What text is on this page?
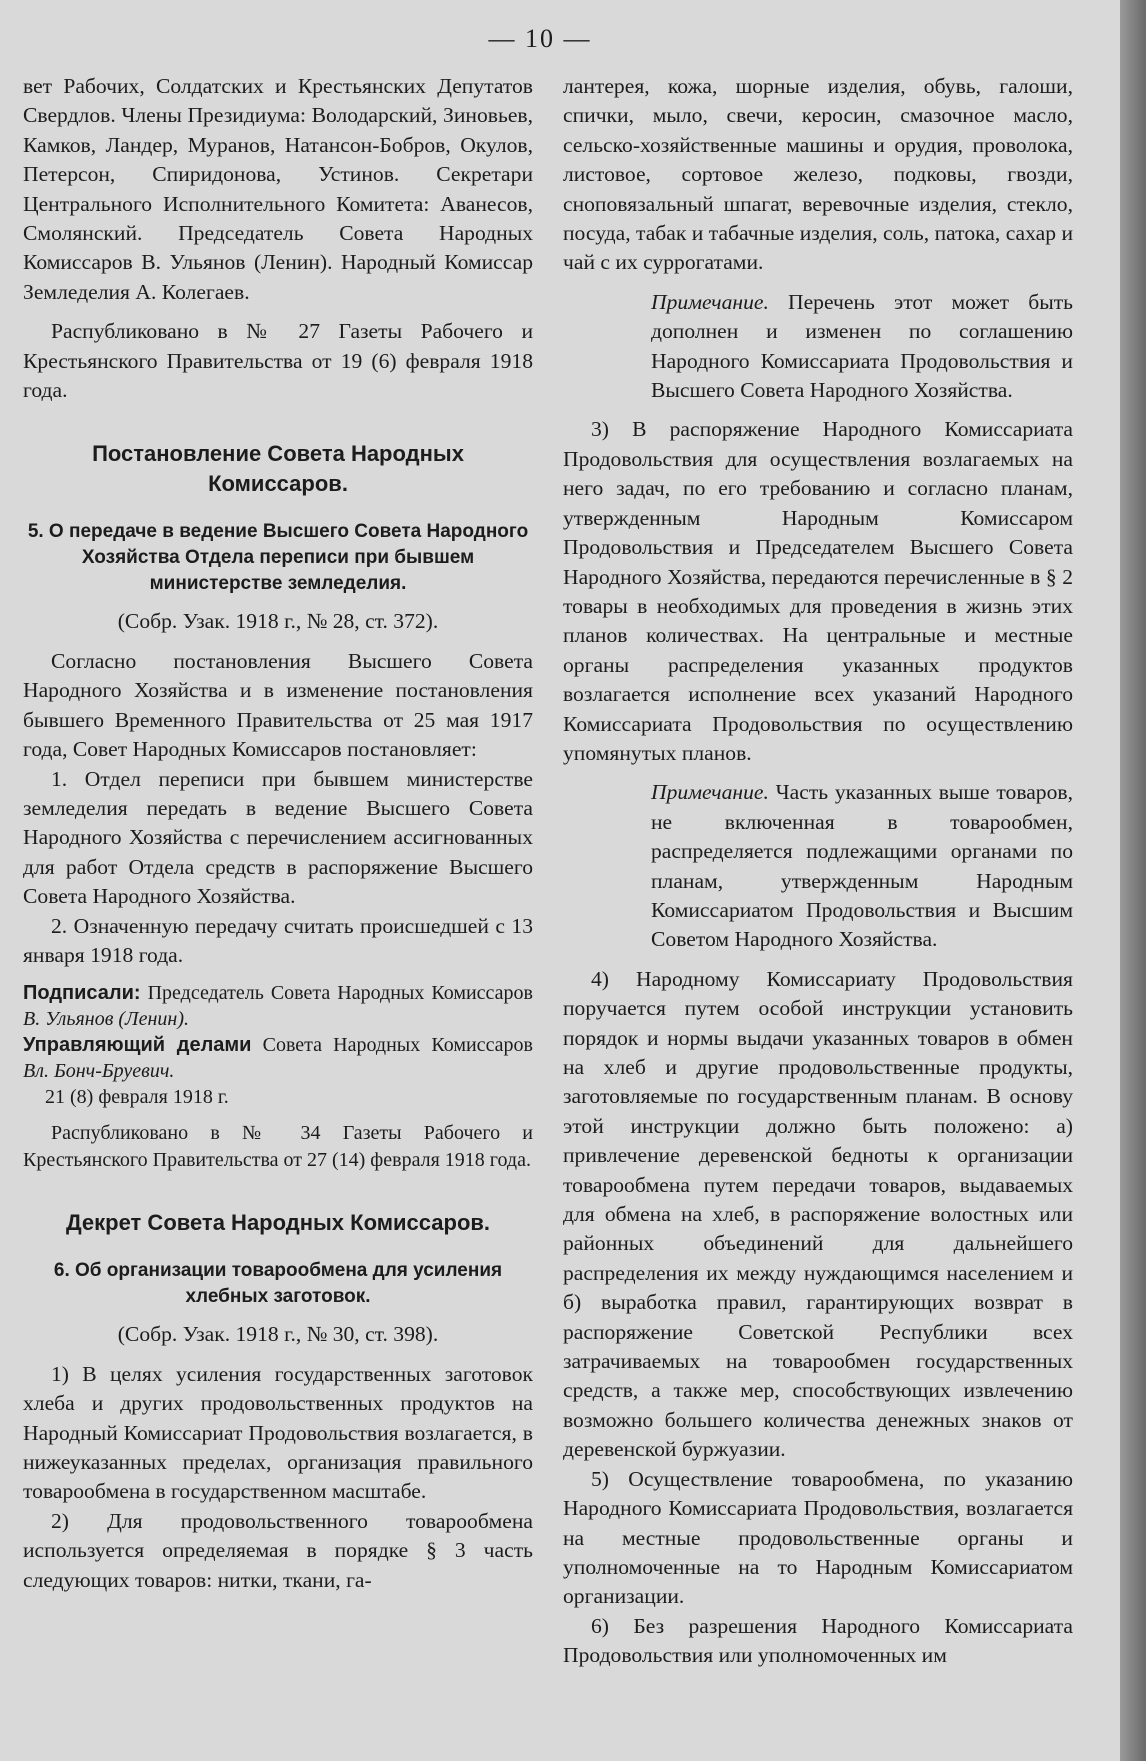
— 10 —

вет Рабочих, Солдатских и Крестьянских Депутатов Свердлов. Члены Президиума: Володарский, Зиновьев, Камков, Ландер, Муранов, Натансон-Бобров, Окулов, Петерсон, Спиридонова, Устинов. Секретари Центрального Исполнительного Комитета: Аванесов, Смолянский. Председатель Совета Народных Комиссаров В. Ульянов (Ленин). Народный Комиссар Земледелия А. Колегаев.

Распубликовано в № 27 Газеты Рабочего и Крестьянского Правительства от 19 (6) февраля 1918 года.

Постановление Совета Народных Комиссаров.

5. О передаче в ведение Высшего Совета Народного Хозяйства Отдела переписи при бывшем министерстве земледелия.

(Собр. Узак. 1918 г., № 28, ст. 372).

Согласно постановления Высшего Совета Народного Хозяйства и в изменение постановления бывшего Временного Правительства от 25 мая 1917 года, Совет Народных Комиссаров постановляет:

1. Отдел переписи при бывшем министерстве земледелия передать в ведение Высшего Совета Народного Хозяйства с перечислением ассигнованных для работ Отдела средств в распоряжение Высшего Совета Народного Хозяйства.

2. Означенную передачу считать происшедшей с 13 января 1918 года.

Подписали: Председатель Совета Народных Комиссаров В. Ульянов (Ленин).

Управляющий делами Совета Народных Комиссаров Вл. Бонч-Бруевич.

21 (8) февраля 1918 г.

Распубликовано в № 34 Газеты Рабочего и Крестьянского Правительства от 27 (14) февраля 1918 года.

Декрет Совета Народных Комиссаров.

6. Об организации товарообмена для усиления хлебных заготовок.

(Собр. Узак. 1918 г., № 30, ст. 398).

1) В целях усиления государственных заготовок хлеба и других продовольственных продуктов на Народный Комиссариат Продовольствия возлагается, в нижеуказанных пределах, организация правильного товарообмена в государственном масштабе.

2) Для продовольственного товарообмена используется определяемая в порядке § 3 часть следующих товаров: нитки, ткани, га-

лантерея, кожа, шорные изделия, обувь, галоши, спички, мыло, свечи, керосин, смазочное масло, сельско-хозяйственные машины и орудия, проволока, листовое, сортовое железо, подковы, гвозди, сноповязальный шпагат, веревочные изделия, стекло, посуда, табак и табачные изделия, соль, патока, сахар и чай с их суррогатами.

Примечание. Перечень этот может быть дополнен и изменен по соглашению Народного Комиссариата Продовольствия и Высшего Совета Народного Хозяйства.

3) В распоряжение Народного Комиссариата Продовольствия для осуществления возлагаемых на него задач, по его требованию и согласно планам, утвержденным Народным Комиссаром Продовольствия и Председателем Высшего Совета Народного Хозяйства, передаются перечисленные в § 2 товары в необходимых для проведения в жизнь этих планов количествах. На центральные и местные органы распределения указанных продуктов возлагается исполнение всех указаний Народного Комиссариата Продовольствия по осуществлению упомянутых планов.

Примечание. Часть указанных выше товаров, не включенная в товарообмен, распределяется подлежащими органами по планам, утвержденным Народным Комиссариатом Продовольствия и Высшим Советом Народного Хозяйства.

4) Народному Комиссариату Продовольствия поручается путем особой инструкции установить порядок и нормы выдачи указанных товаров в обмен на хлеб и другие продовольственные продукты, заготовляемые по государственным планам. В основу этой инструкции должно быть положено: а) привлечение деревенской бедноты к организации товарообмена путем передачи товаров, выдаваемых для обмена на хлеб, в распоряжение волостных или районных объединений для дальнейшего распределения их между нуждающимся населением и б) выработка правил, гарантирующих возврат в распоряжение Советской Республики всех затрачиваемых на товарообмен государственных средств, а также мер, способствующих извлечению возможно большего количества денежных знаков от деревенской буржуазии.

5) Осуществление товарообмена, по указанию Народного Комиссариата Продовольствия, возлагается на местные продовольственные органы и уполномоченные на то Народным Комиссариатом организации.

6) Без разрешения Народного Комиссариата Продовольствия или уполномоченных им
